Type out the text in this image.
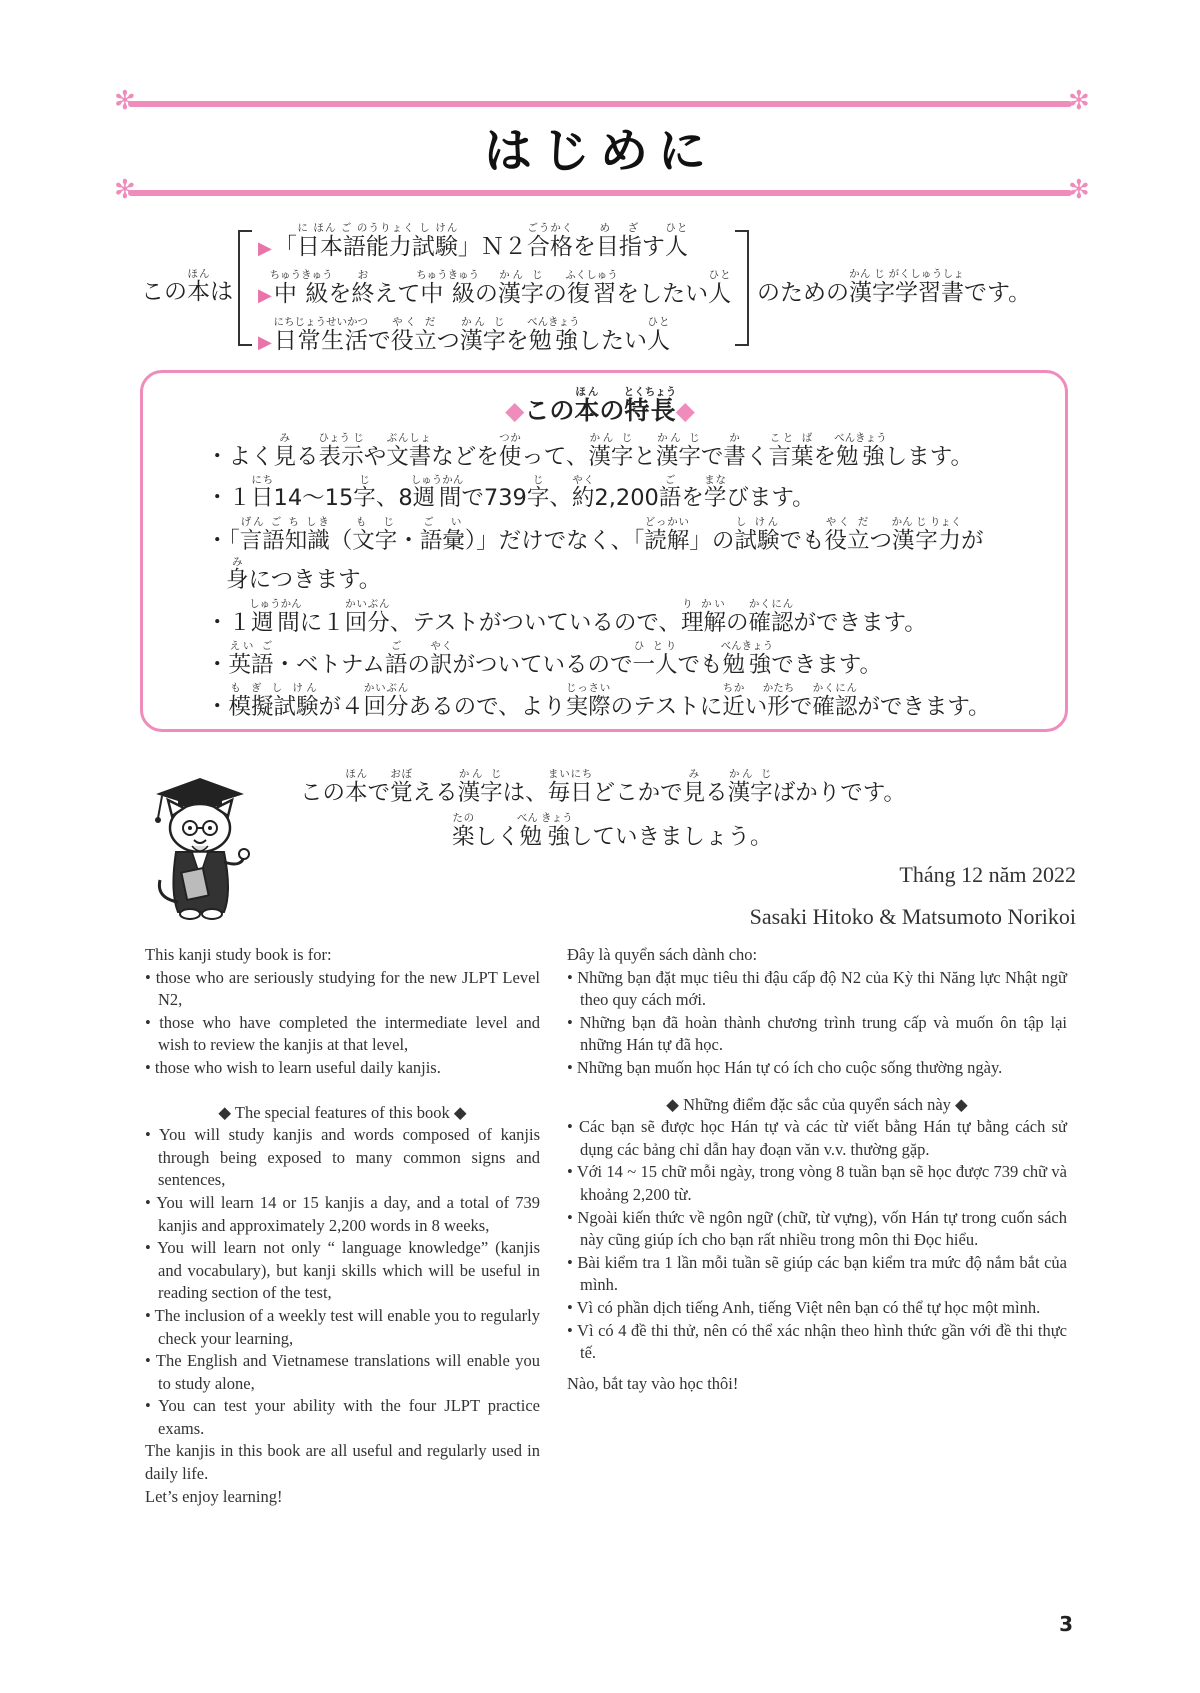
✻	✻
はじめに
✻	✻
この本ほんは
▶「日本語能力試験に ほん ご のうりょく し けん」Ｎ２合格ごうかくを目指め ざす人ひと
▶中級ちゅうきゅうを終おえて中級ちゅうきゅうの漢字かん じの復習ふくしゅうをしたい人ひと
▶日常生活にちじょうせいかつで役立やく だつ漢字かん じを勉強べんきょうしたい人ひと
のための漢字学習書かん じ がくしゅうしょです。
◆この本ほんの特長とくちょう◆
・よく見みる表示ひょう じや文書ぶんしょなどを使つかって、漢字かん じと漢字かん じで書かく言葉こと ばを勉強べんきょうします。
・１日にち14～15字じ、8週間しゅうかんで739字じ、約やく2,200語ごを学まなびます。
・「言語知識げん ご ち しき（文字も じ・語彙ご い）」だけでなく、「読解どっかい」の試験し けんでも役立やく だつ漢字力かん じ りょくが
身みにつきます。
・１週間しゅうかんに１回分かいぶん、テストがついているので、理解り かいの確認かくにんができます。
・英語えい ご・ベトナム語ごの訳やくがついているので一人ひ とりでも勉強べんきょうできます。
・模擬試験も ぎ し けんが４回分かいぶんあるので、より実際じっさいのテストに近ちかい形かたちで確認かくにんができます。
この本ほんで覚おぼえる漢字かん じは、毎日まいにちどこかで見みる漢字かん じばかりです。
楽たのしく勉強べん きょうしていきましょう。
Tháng 12 năm 2022
Sasaki Hitoko & Matsumoto Norikoi

This kanji study book is for:

• those who are seriously studying for the new JLPT Level N2,

• those who have completed the intermediate level and wish to review the kanjis at that level,

• those who wish to learn useful daily kanjis.

◆ The special features of this book ◆

• You will study kanjis and words composed of kanjis through being exposed to many common signs and sentences,

• You will learn 14 or 15 kanjis a day, and a total of 739 kanjis and approximately 2,200 words in 8 weeks,

• You will learn not only “ language knowledge” (kanjis and vocabulary), but kanji skills which will be useful in reading section of the test,

• The inclusion of a weekly test will enable you to regularly check your learning,

• The English and Vietnamese translations will enable you to study alone,

• You can test your ability with the four JLPT practice exams.

The kanjis in this book are all useful and regularly used in daily life.

Let’s enjoy learning!

Đây là quyển sách dành cho:

• Những bạn đặt mục tiêu thi đậu cấp độ N2 của Kỳ thi Năng lực Nhật ngữ theo quy cách mới.

• Những bạn đã hoàn thành chương trình trung cấp và muốn ôn tập lại những Hán tự đã học.

• Những bạn muốn học Hán tự có ích cho cuộc sống thường ngày.

◆ Những điểm đặc sắc của quyển sách này ◆

• Các bạn sẽ được học Hán tự và các từ viết bằng Hán tự bằng cách sử dụng các bảng chỉ dẫn hay đoạn văn v.v. thường gặp.

• Với 14 ~ 15 chữ mỗi ngày, trong vòng 8 tuần bạn sẽ học được 739 chữ và khoảng 2,200 từ.

• Ngoài kiến thức về ngôn ngữ (chữ, từ vựng), vốn Hán tự trong cuốn sách này cũng giúp ích cho bạn rất nhiều trong môn thi Đọc hiểu.

• Bài kiểm tra 1 lần mỗi tuần sẽ giúp các bạn kiểm tra mức độ nắm bắt của mình.

• Vì có phần dịch tiếng Anh, tiếng Việt nên bạn có thể tự học một mình.

• Vì có 4 đề thi thử, nên có thể xác nhận theo hình thức gần với đề thi thực tế.

Nào, bắt tay vào học thôi!

3
